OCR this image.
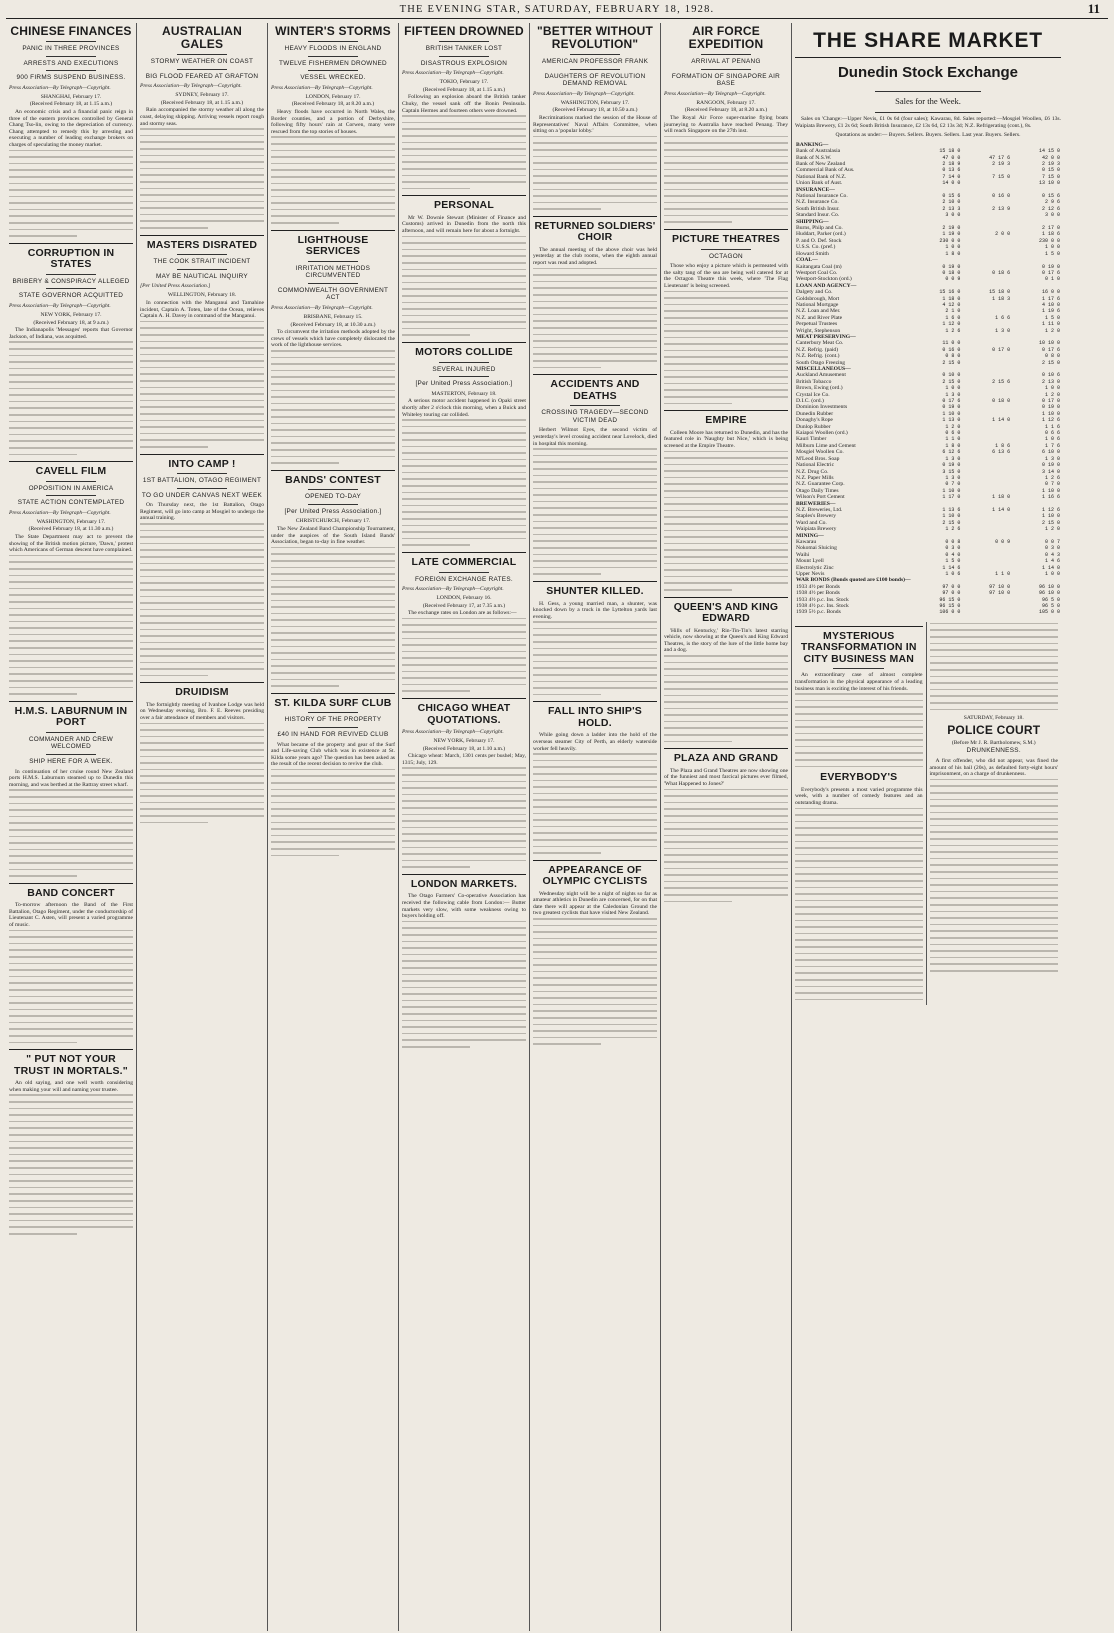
THE EVENING STAR, SATURDAY, FEBRUARY 18, 1928.	11
CHINESE FINANCES
PANIC IN THREE PROVINCES
ARRESTS AND EXECUTIONS
900 FIRMS SUSPEND BUSINESS.
Press Association—By Telegraph—Copyright.
SHANGHAI, February 17.
(Received February 18, at 1.15 a.m.)

An economic crisis and a financial panic reign in three of the eastern provinces controlled by General Chang Tso-lin, owing to the depreciation of currency. Chang attempted to remedy this by arresting and executing a number of leading exchange brokers on charges of speculating the money market.

CORRUPTION IN STATES
BRIBERY & CONSPIRACY ALLEGED
STATE GOVERNOR ACQUITTED
Press Association—By Telegraph—Copyright.
NEW YORK, February 17.
(Received February 18, at 9 a.m.)

The Indianapolis 'Messages' reports that Governor Jackson, of Indiana, was acquitted.

CAVELL FILM
OPPOSITION IN AMERICA
STATE ACTION CONTEMPLATED
Press Association—By Telegraph—Copyright.
WASHINGTON, February 17.
(Received February 18, at 11.30 a.m.)

The State Department may act to prevent the showing of the British motion picture, 'Dawn,' protest which Americans of German descent have complained.

H.M.S. LABURNUM IN PORT
COMMANDER AND CREW WELCOMED
SHIP HERE FOR A WEEK.

In continuation of her cruise round New Zealand ports H.M.S. Laburnum steamed up to Dunedin this morning, and was berthed at the Rattray street wharf.

BAND CONCERT

To-morrow afternoon the Band of the First Battalion, Otago Regiment, under the conductorship of Lieutenant C. Asten, will present a varied programme of music.

" PUT NOT YOUR TRUST IN MORTALS."

An old saying, and one well worth considering when making your will and naming your trustee.

AUSTRALIAN GALES
STORMY WEATHER ON COAST
BIG FLOOD FEARED AT GRAFTON
Press Association—By Telegraph—Copyright.
SYDNEY, February 17.
(Received February 18, at 1.15 a.m.)

Rain accompanied the stormy weather all along the coast, delaying shipping. Arriving vessels report rough and stormy seas.

MASTERS DISRATED
THE COOK STRAIT INCIDENT
MAY BE NAUTICAL INQUIRY
[Per United Press Association.]
WELLINGTON, February 18.

In connection with the Manganui and Tamahine incident, Captain A. Toten, late of the Ocean, relieves Captain A. H. Davey in command of the Manganui.

INTO CAMP !
1ST BATTALION, OTAGO REGIMENT
TO GO UNDER CANVAS NEXT WEEK

On Thursday next, the 1st Battalion, Otago Regiment, will go into camp at Mosgiel to undergo the annual training.

DRUIDISM

The fortnightly meeting of Ivanhoe Lodge was held on Wednesday evening, Bro. F. E. Reeves presiding over a fair attendance of members and visitors.

WINTER'S STORMS
HEAVY FLOODS IN ENGLAND
TWELVE FISHERMEN DROWNED
VESSEL WRECKED.
Press Association—By Telegraph—Copyright.
LONDON, February 17.
(Received February 18, at 8.20 a.m.)

Heavy floods have occurred in North Wales, the Border counties, and a portion of Derbyshire, following fifty hours' rain at Corwen, many were rescued from the top stories of houses.

LIGHTHOUSE SERVICES
IRRITATION METHODS CIRCUMVENTED
COMMONWEALTH GOVERNMENT ACT
Press Association—By Telegraph—Copyright.
BRISBANE, February 15.
(Received February 18, at 10.30 a.m.)

To circumvent the irritation methods adopted by the crews of vessels which have completely dislocated the work of the lighthouse services.

BANDS' CONTEST
OPENED TO-DAY
[Per United Press Association.]
CHRISTCHURCH, February 17.

The New Zealand Band Championship Tournament, under the auspices of the South Island Bands' Association, began to-day in fine weather.

ST. KILDA SURF CLUB
HISTORY OF THE PROPERTY
£40 IN HAND FOR REVIVED CLUB

What became of the property and gear of the Surf and Life-saving Club which was in existence at St. Kilda some years ago? The question has been asked as the result of the recent decision to revive the club.

FIFTEEN DROWNED
BRITISH TANKER LOST
DISASTROUS EXPLOSION
Press Association—By Telegraph—Copyright.
TOKIO, February 17.
(Received February 18, at 1.15 a.m.)

Following an explosion aboard the British tanker Chuky, the vessel sank off the Bonin Peninsula. Captain Hermes and fourteen others were drowned.

PERSONAL

Mr W. Downie Stewart (Minister of Finance and Customs) arrived in Dunedin from the north this afternoon, and will remain here for about a fortnight.

MOTORS COLLIDE
SEVERAL INJURED
[Per United Press Association.]
MASTERTON, February 18.

A serious motor accident happened in Opaki street shortly after 2 o'clock this morning, when a Buick and Whiteley touring car collided.

LATE COMMERCIAL
FOREIGN EXCHANGE RATES.
Press Association—By Telegraph—Copyright.
LONDON, February 16.
(Received February 17, at 7.35 a.m.)

The exchange rates on London are as follows:—

CHICAGO WHEAT QUOTATIONS.
Press Association—By Telegraph—Copyright.
NEW YORK, February 17.
(Received February 18, at 1.10 a.m.)

Chicago wheat: March, 1301 cents per bushel; May, 1315; July, 129.

LONDON MARKETS.

The Otago Farmers' Co-operative Association has received the following cable from London:— Butter markets very slow, with some weakness owing to buyers holding off.

"BETTER WITHOUT REVOLUTION"
AMERICAN PROFESSOR FRANK
DAUGHTERS OF REVOLUTION DEMAND REMOVAL
Press Association—By Telegraph—Copyright.
WASHINGTON, February 17.
(Received February 18, at 10.50 a.m.)

Recriminations marked the session of the House of Representatives' Naval Affairs Committee, when sitting on a 'popular lobby.'

RETURNED SOLDIERS' CHOIR

The annual meeting of the above choir was held yesterday at the club rooms, when the eighth annual report was read and adopted.

ACCIDENTS AND DEATHS
CROSSING TRAGEDY—SECOND VICTIM DEAD

Herbert Wilmot Eyes, the second victim of yesterday's level crossing accident near Lovelock, died in hospital this morning.

SHUNTER KILLED.

H. Gess, a young married man, a shunter, was knocked down by a truck in the Lyttelton yards last evening.

FALL INTO SHIP'S HOLD.

While going down a ladder into the hold of the overseas steamer City of Perth, an elderly waterside worker fell heavily.

APPEARANCE OF OLYMPIC CYCLISTS

Wednesday night will be a night of nights so far as amateur athletics in Dunedin are concerned, for on that date there will appear at the Caledonian Ground the two greatest cyclists that have visited New Zealand.

AIR FORCE EXPEDITION
ARRIVAL AT PENANG
FORMATION OF SINGAPORE AIR BASE
Press Association—By Telegraph—Copyright.
RANGOON, February 17.
(Received February 18, at 8.20 a.m.)

The Royal Air Force super-marine flying boats journeying to Australia have reached Penang. They will reach Singapore on the 27th inst.

PICTURE THEATRES
OCTAGON

Those who enjoy a picture which is permeated with the salty tang of the sea are being well catered for at the Octagon Theatre this week, where 'The Flag Lieutenant' is being screened.

EMPIRE

Colleen Moore has returned to Dunedin, and has the featured role in 'Naughty but Nice,' which is being screened at the Empire Theatre.

QUEEN'S AND KING EDWARD

'Hills of Kentucky,' Rin-Tin-Tin's latest starring vehicle, now showing at the Queen's and King Edward Theatres, is the story of the lure of the little home bay and a dog.

PLAZA AND GRAND

The Plaza and Grand Theatres are now showing one of the funniest and most farcical pictures ever filmed, 'What Happened to Jones?'

THE SHARE MARKET
Dunedin Stock Exchange
Sales for the Week.

Sales on 'Change:—Upper Nevis, £1 0s 6d (four sales); Kawarau, 8d. Sales reported:—Mosgiel Woollen, £6 13s. Waipiata Brewery, £1 2s 6d; South British Insurance, £2 13s 6d, £2 13s 3d; N.Z. Refrigerating (cont.), 8s.

Quotations as under:— Buyers. Sellers. Buyers. Sellers. Last year. Buyers. Sellers.
BANKING—			
Bank of Australasia	15 18 0		14 15 0
Bank of N.S.W.	47 0 0	47 17 6	42 0 0
Bank of New Zealand	2 18 9	2 19 3	2 19 3
Commercial Bank of Aus.	0 13 6		0 15 0
National Bank of N.Z.	7 14 0	7 15 0	7 15 0
Union Bank of Aust.	14 0 0		13 10 0
INSURANCE—			
National Insurance Co.	0 15 6	0 16 0	0 15 6
N.Z. Insurance Co.	2 10 0		2 9 6
South British Insur.	2 13 3	2 13 9	2 12 6
Standard Insur. Co.	3 0 0		3 0 0
SHIPPING—			
Burns, Philp and Co.	2 19 0		2 17 0
Huddart, Parker (ord.)	1 19 0	2 0 0	1 18 6
P. and O. Def. Stock	230 0 0		230 0 0
U.S.S. Co. (pref.)	1 0 0		1 0 0
Howard Smith	1 8 0		1 5 0
COAL—			
Kaitangata Coal (m)	0 19 0		0 19 0
Westport Coal Co.	0 18 0	0 18 6	0 17 6
Westport-Stockton (ord.)	0 0 9		0 1 0
LOAN AND AGENCY—			
Dalgety and Co.	15 16 0	15 18 0	16 0 0
Goldsbrough, Mort	1 18 0	1 18 3	1 17 6
National Mortgage	4 12 0		4 10 0
N.Z. Loan and Mer.	2 1 0		1 19 6
N.Z. and River Plate	1 6 0	1 6 6	1 5 0
Perpetual Trustees	1 12 0		1 11 0
Wright, Stephenson	1 2 6	1 3 0	1 2 0
MEAT PRESERVING—			
Canterbury Meat Co.	11 0 0		10 10 0
N.Z. Refrig. (paid)	0 16 0	0 17 0	0 17 6
N.Z. Refrig. (cont.)	0 8 0		0 8 0
South Otago Freezing	2 15 0		2 15 0
MISCELLANEOUS—			
Auckland Amusement	0 10 0		0 10 6
British Tobacco	2 15 0	2 15 6	2 13 0
Brown, Ewing (ord.)	1 0 0		1 0 0
Crystal Ice Co.	1 3 0		1 2 0
D.I.C. (ord.)	0 17 6	0 18 0	0 17 0
Dominion Investments	0 19 0		0 19 0
Dunedin Rubber	1 10 0		1 10 0
Donaghy's Rope	1 13 0	1 14 0	1 12 6
Dunlop Rubber	1 2 0		1 1 6
Kaiapoi Woollen (ord.)	0 6 0		0 6 6
Kauri Timber	1 1 0		1 0 6
Milburn Lime and Cement	1 8 0	1 8 6	1 7 6
Mosgiel Woollen Co.	6 12 6	6 13 6	6 10 0
M'Leod Bros. Soap	1 3 0		1 3 0
National Electric	0 19 0		0 19 0
N.Z. Drug Co.	3 15 0		3 14 0
N.Z. Paper Mills	1 3 0		1 2 6
N.Z. Guarantee Corp.	0 7 0		0 7 0
Otago Daily Times	1 10 0		1 10 0
Wilson's Port Cement	1 17 0	1 18 0	1 16 6
BREWERIES—			
N.Z. Breweries, Ltd.	1 13 6	1 14 0	1 12 6
Staples's Brewery	1 10 0		1 10 0
Ward and Co.	2 15 0		2 15 0
Waipiata Brewery	1 2 6		1 2 0
MINING—			
Kawarau	0 0 8	0 0 9	0 0 7
Nokomai Sluicing	0 3 0		0 3 0
Waihi	0 4 0		0 4 3
Mount Lyell	1 5 0		1 4 6
Electrolytic Zinc	1 14 6		1 14 0
Upper Nevis	1 0 6	1 1 0	1 0 0
WAR BONDS (Bonds quoted are £100 bonds)—			
1933 4½ per Bonds	97 0 0	97 10 0	96 10 0
1938 4½ per Bonds	97 0 0	97 10 0	96 10 0
1933 4½ p.c. Ins. Stock	96 15 0		96 5 0
1938 4½ p.c. Ins. Stock	96 15 0		96 5 0
1939 5½ p.c. Bonds	106 0 0		105 0 0
MYSTERIOUS TRANSFORMATION IN CITY BUSINESS MAN

An extraordinary case of almost complete transformation in the physical appearance of a leading business man is exciting the interest of his friends.

EVERYBODY'S

Everybody's presents a most varied programme this week, with a number of comedy features and an outstanding drama.

SATURDAY, February 18.
POLICE COURT
(Before Mr J. R. Bartholomew, S.M.)
DRUNKENNESS.

A first offender, who did not appear, was fined the amount of his bail (20s), as defaulted forty-eight hours' imprisonment, on a charge of drunkenness.
